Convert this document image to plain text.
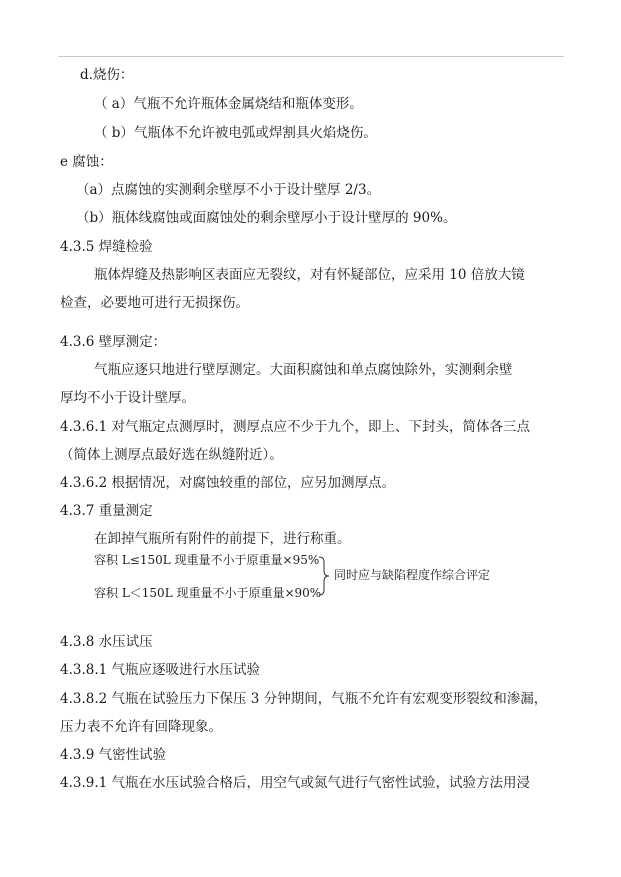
d.烧伤：
（ a）气瓶不允许瓶体金属烧结和瓶体变形。
（ b）气瓶体不允许被电弧或焊割具火焰烧伤。
e 腐蚀：
（a）点腐蚀的实测剩余壁厚不小于设计壁厚 2/3。
（b）瓶体线腐蚀或面腐蚀处的剩余壁厚小于设计壁厚的 90%。
4.3.5 焊缝检验
瓶体焊缝及热影响区表面应无裂纹，对有怀疑部位，应采用 10 倍放大镜
检查，必要地可进行无损探伤。
4.3.6 壁厚测定：
气瓶应逐只地进行壁厚测定。大面积腐蚀和单点腐蚀除外，实测剩余壁
厚均不小于设计壁厚。
4.3.6.1 对气瓶定点测厚时，测厚点应不少于九个，即上、下封头，简体各三点
（简体上测厚点最好选在纵缝附近）。
4.3.6.2 根据情况，对腐蚀较重的部位，应另加测厚点。
4.3.7 重量测定
在卸掉气瓶所有附件的前提下，进行称重。
容积 L≤150L 现重量不小于原重量×95%
容积 L＜150L 现重量不小于原重量×90%
同时应与缺陷程度作综合评定
4.3.8 水压试压
4.3.8.1 气瓶应逐吸进行水压试验
4.3.8.2 气瓶在试验压力下保压 3 分钟期间，气瓶不允许有宏观变形裂纹和渗漏，
压力表不允许有回降现象。
4.3.9 气密性试验
4.3.9.1 气瓶在水压试验合格后，用空气或氮气进行气密性试验，试验方法用浸
